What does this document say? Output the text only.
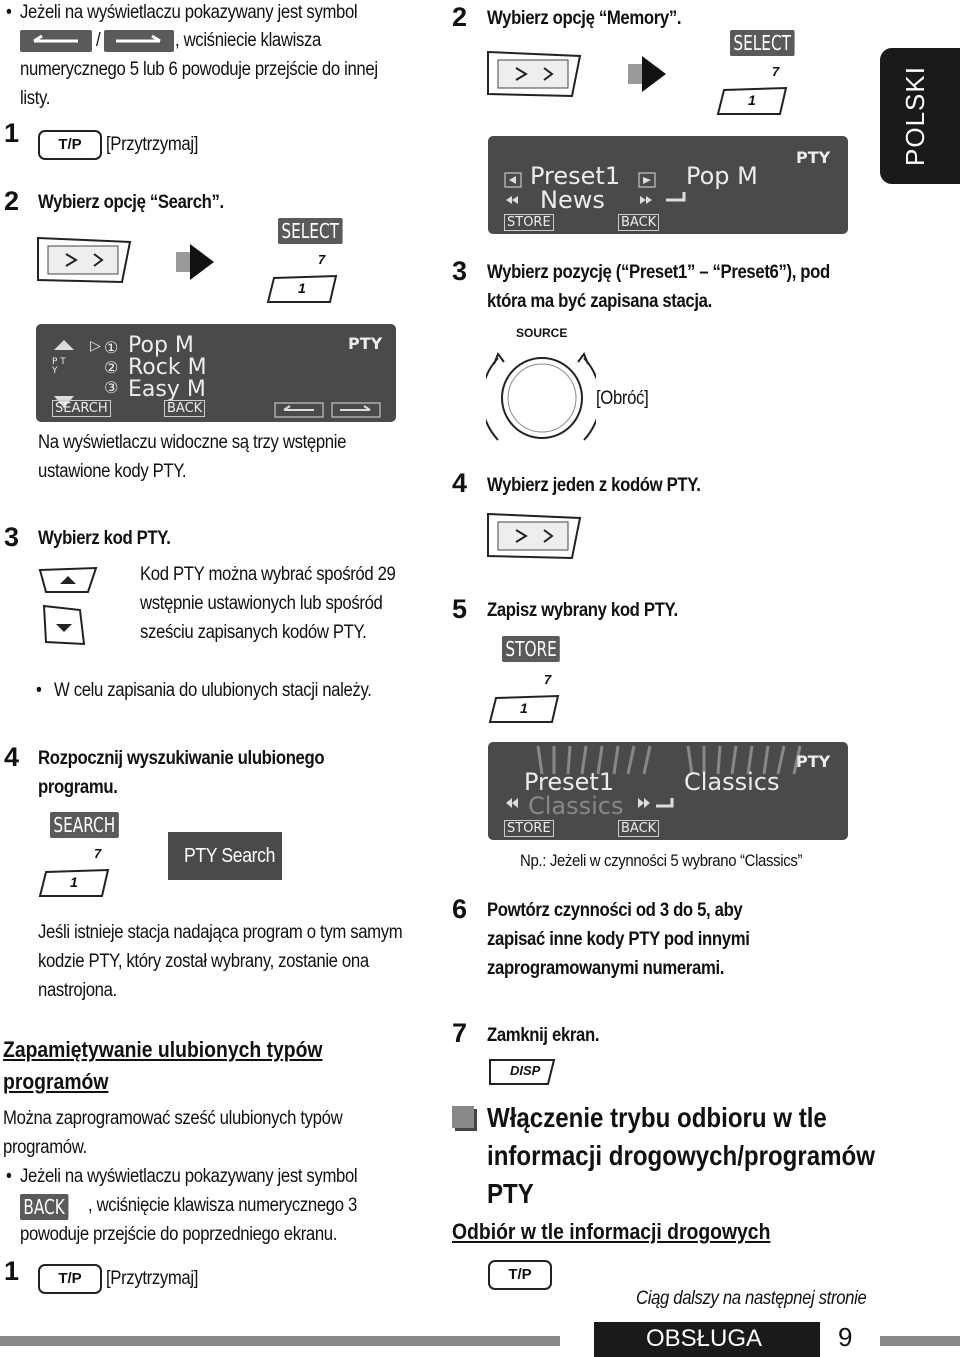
POLSKI
• Jeżeli na wyświetlaczu pokazywany jest symbol
/	, wciśniecie klawisza
numerycznego 5 lub 6 powoduje przejście do innej
listy.
1	T/P	[Przytrzymaj]
2 Wybierz opcję “Search”.
SELECT
7
1
P T Y
▷ ①
②
③
Pop M
Rock M
Easy M
PTY
SEARCH	BACK
Na wyświetlaczu widoczne są trzy wstępnie
ustawione kody PTY.
3 Wybierz kod PTY.
Kod PTY można wybrać spośród 29
wstępnie ustawionych lub spośród
sześciu zapisanych kodów PTY.
• W celu zapisania do ulubionych stacji należy.
4 Rozpocznij wyszukiwanie ulubionego
programu.
SEARCH
7
1
PTY Search
Jeśli istnieje stacja nadająca program o tym samym
kodzie PTY, który został wybrany, zostanie ona
nastrojona.
Zapamiętywanie ulubionych typów
programów
Można zaprogramować sześć ulubionych typów
programów.
• Jeżeli na wyświetlaczu pokazywany jest symbol
BACK , wciśnięcie klawisza numerycznego 3
powoduje przejście do poprzedniego ekranu.
1	T/P	[Przytrzymaj]
2 Wybierz opcję “Memory”.
SELECT
7
1
Preset1
News
Pop M
PTY
STORE	BACK
3 Wybierz pozycję (“Preset1” – “Preset6”), pod
która ma być zapisana stacja.
SOURCE
[Obróć]
4 Wybierz jeden z kodów PTY.
5 Zapisz wybrany kod PTY.
STORE
7
1
Preset1
Classics
Classics
PTY
STORE	BACK
Np.: Jeżeli w czynności 5 wybrano “Classics”
6 Powtórz czynności od 3 do 5, aby
zapisać inne kody PTY pod innymi
zaprogramowanymi numerami.
7 Zamknij ekran.
DISP
Włączenie trybu odbioru w tle
informacji drogowych/programów
PTY
Odbiór w tle informacji drogowych
T/P
Ciąg dalszy na następnej stronie
OBSŁUGA	9
